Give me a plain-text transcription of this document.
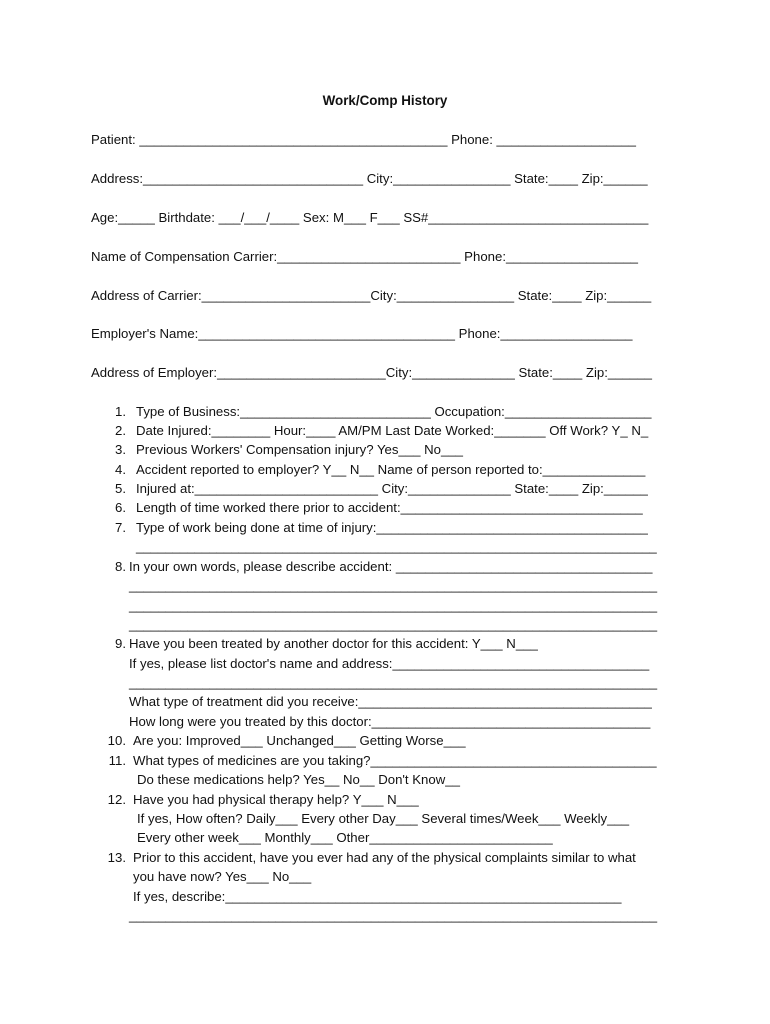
Work/Comp History
Patient: __________________________________________ Phone: ___________________
Address:______________________________ City:________________ State:____ Zip:______
Age:_____ Birthdate: ___/___/____ Sex: M___ F___ SS#______________________________
Name of Compensation Carrier:_________________________ Phone:__________________
Address of Carrier:_______________________City:________________ State:____ Zip:______
Employer's Name:___________________________________ Phone:__________________
Address of Employer:_______________________City:______________ State:____ Zip:______
1. Type of Business:__________________________ Occupation:____________________
2. Date Injured:________ Hour:____ AM/PM Last Date Worked:_______ Off Work? Y_ N_
3. Previous Workers' Compensation injury? Yes___ No___
4. Accident reported to employer? Y__ N__ Name of person reported to:______________
5. Injured at:_________________________ City:______________ State:____ Zip:______
6. Length of time worked there prior to accident:_________________________________
7. Type of work being done at time of injury:_____________________________________
_______________________________________________________________________
8. In your own words, please describe accident: ___________________________________
________________________________________________________________________
________________________________________________________________________
________________________________________________________________________
9. Have you been treated by another doctor for this accident: Y___ N___
If yes, please list doctor's name and address:___________________________________
________________________________________________________________________
What type of treatment did you receive:________________________________________
How long were you treated by this doctor:______________________________________
10. Are you: Improved___ Unchanged___ Getting Worse___
11. What types of medicines are you taking?_______________________________________
Do these medications help? Yes__ No__ Don't Know__
12. Have you had physical therapy help? Y___ N___
If yes, How often? Daily___ Every other Day___ Several times/Week___ Weekly___
Every other week___ Monthly___ Other_________________________
13. Prior to this accident, have you ever had any of the physical complaints similar to what
you have now? Yes___ No___
If yes, describe:______________________________________________________
________________________________________________________________________
